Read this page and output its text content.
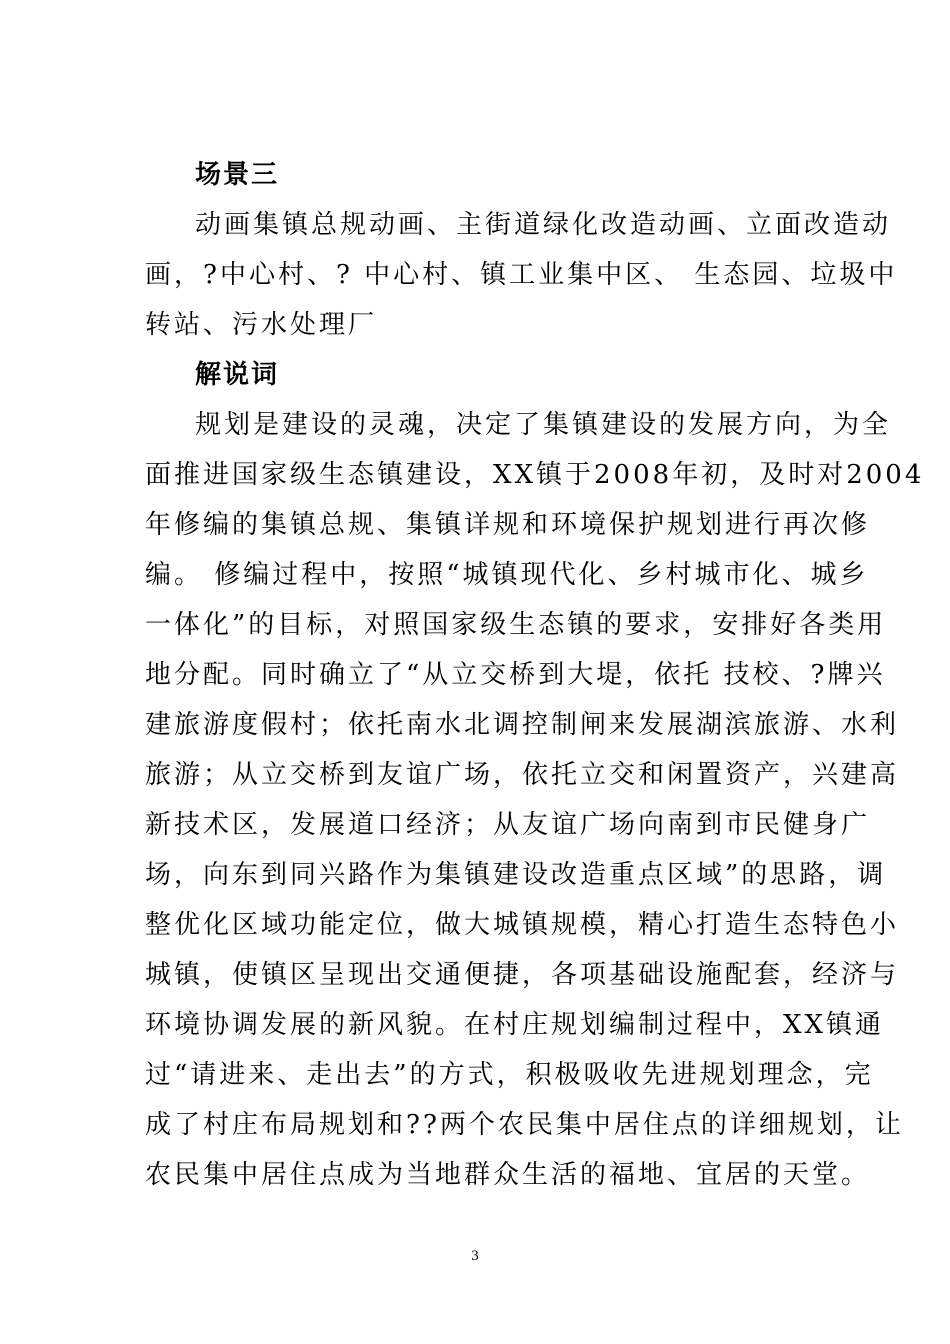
场景三
动画集镇总规动画、主街道绿化改造动画、立面改造动
画，?中心村、? 中心村、镇工业集中区、 生态园、垃圾中
转站、污水处理厂
解说词
规划是建设的灵魂，决定了集镇建设的发展方向，为全
面推进国家级生态镇建设，XX镇于2008年初，及时对2004
年修编的集镇总规、集镇详规和环境保护规划进行再次修
编。 修编过程中，按照“城镇现代化、乡村城市化、城乡
一体化”的目标，对照国家级生态镇的要求，安排好各类用
地分配。同时确立了“从立交桥到大堤，依托 技校、?牌兴
建旅游度假村；依托南水北调控制闸来发展湖滨旅游、水利
旅游；从立交桥到友谊广场，依托立交和闲置资产，兴建高
新技术区，发展道口经济；从友谊广场向南到市民健身广
场，向东到同兴路作为集镇建设改造重点区域”的思路，调
整优化区域功能定位，做大城镇规模，精心打造生态特色小
城镇，使镇区呈现出交通便捷，各项基础设施配套，经济与
环境协调发展的新风貌。在村庄规划编制过程中，XX镇通
过“请进来、走出去”的方式，积极吸收先进规划理念，完
成了村庄布局规划和??两个农民集中居住点的详细规划，让
农民集中居住点成为当地群众生活的福地、宜居的天堂。
3
